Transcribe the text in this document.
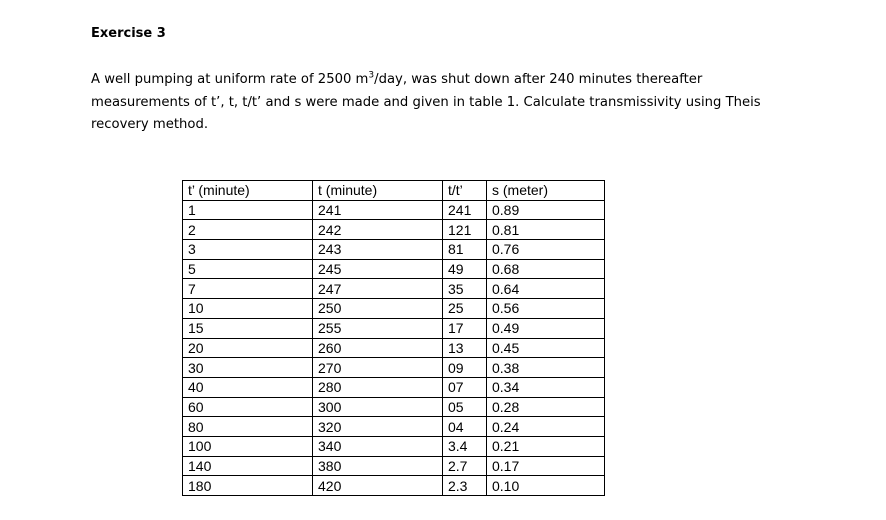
Exercise 3

A well pumping at uniform rate of 2500 $m^3$/day, was shut down after 240 minutes thereafter measurements of t’, t, t/t’ and s were made and given in table 1. Calculate transmissivity using Theis recovery method.

t’ (minute)	t (minute)	t/t’	s (meter)
1	241	241	0.89
2	242	121	0.81
3	243	81	0.76
5	245	49	0.68
7	247	35	0.64
10	250	25	0.56
15	255	17	0.49
20	260	13	0.45
30	270	09	0.38
40	280	07	0.34
60	300	05	0.28
80	320	04	0.24
100	340	3.4	0.21
140	380	2.7	0.17
180	420	2.3	0.10
